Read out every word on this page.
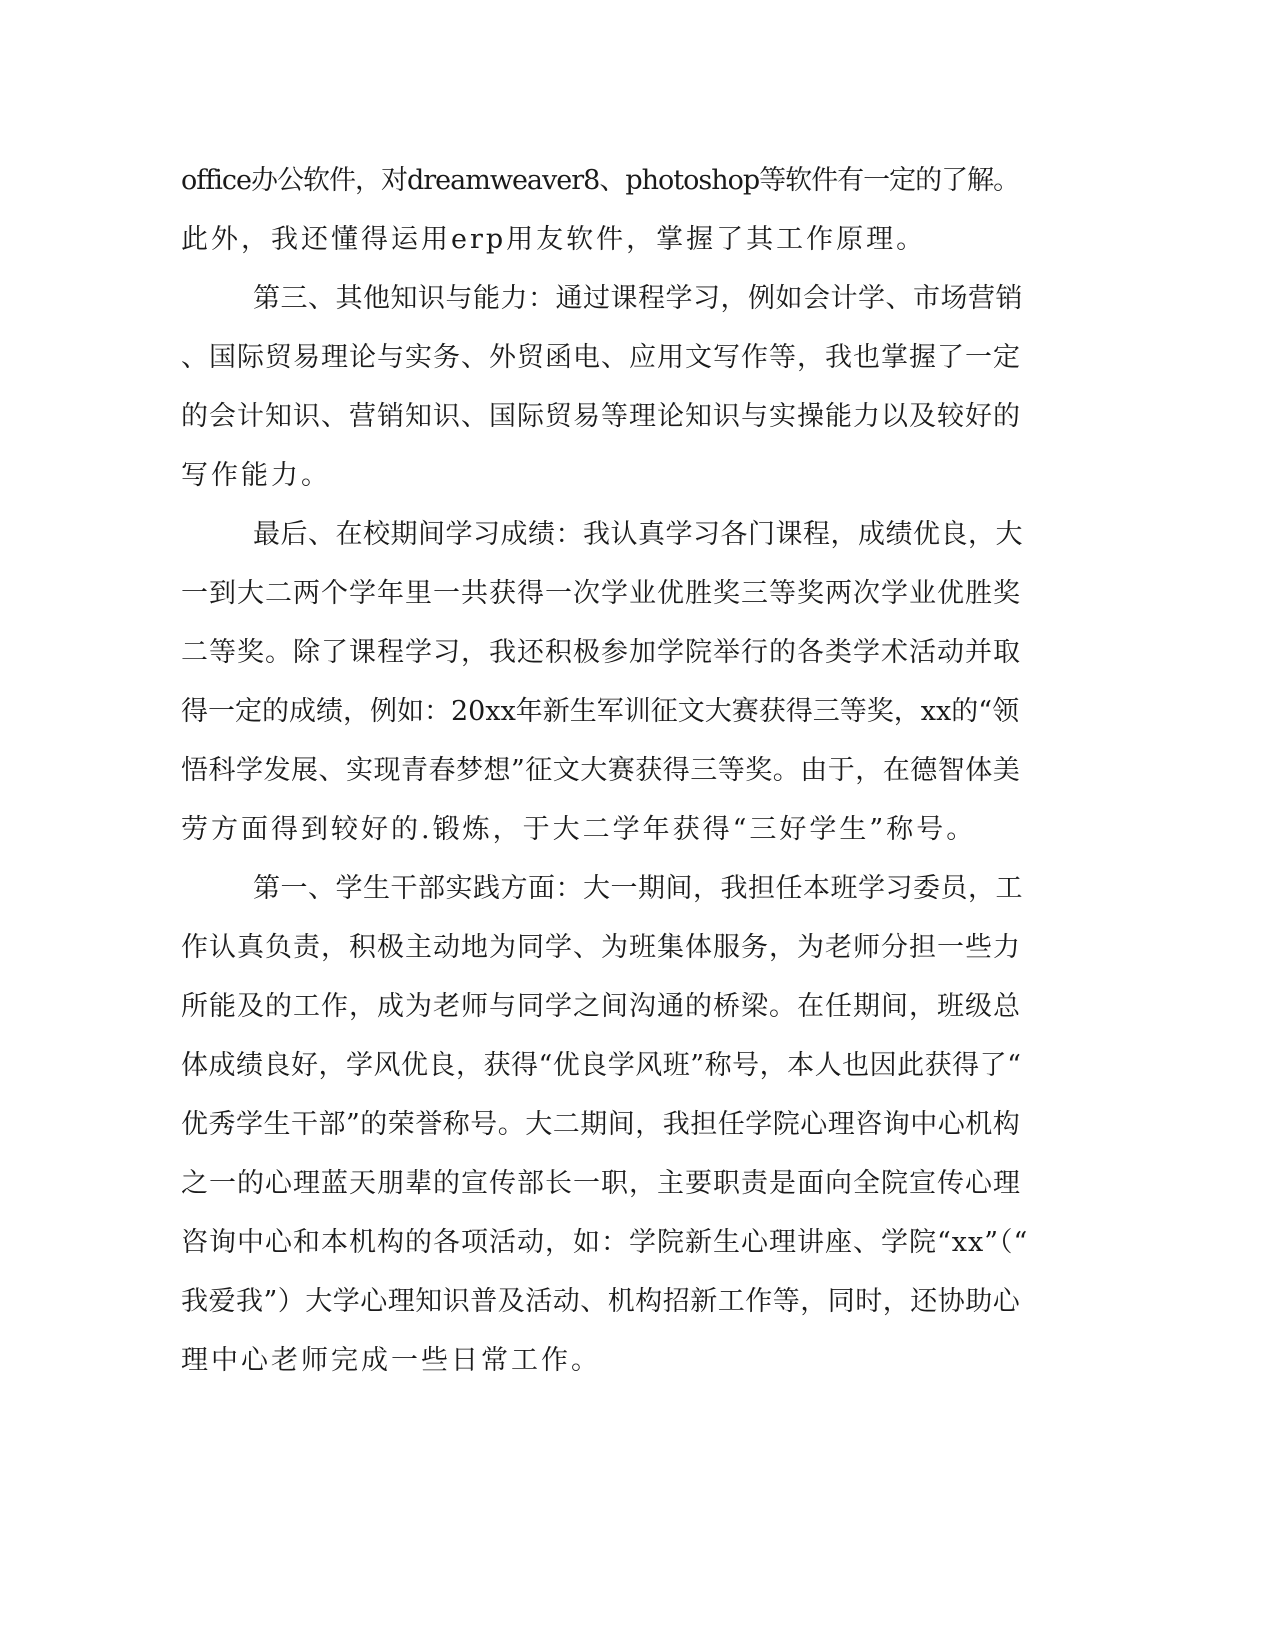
office办公软件，对dreamweaver8、photoshop等软件有一定的了解。
此外，我还懂得运用erp用友软件，掌握了其工作原理。
第三、其他知识与能力：通过课程学习，例如会计学、市场营销
、国际贸易理论与实务、外贸函电、应用文写作等，我也掌握了一定
的会计知识、营销知识、国际贸易等理论知识与实操能力以及较好的
写作能力。
最后、在校期间学习成绩：我认真学习各门课程，成绩优良，大
一到大二两个学年里一共获得一次学业优胜奖三等奖两次学业优胜奖
二等奖。除了课程学习，我还积极参加学院举行的各类学术活动并取
得一定的成绩，例如：20xx年新生军训征文大赛获得三等奖，xx的“领
悟科学发展、实现青春梦想”征文大赛获得三等奖。由于，在德智体美
劳方面得到较好的.锻炼，于大二学年获得“三好学生”称号。
第一、学生干部实践方面：大一期间，我担任本班学习委员，工
作认真负责，积极主动地为同学、为班集体服务，为老师分担一些力
所能及的工作，成为老师与同学之间沟通的桥梁。在任期间，班级总
体成绩良好，学风优良，获得“优良学风班”称号，本人也因此获得了“
优秀学生干部”的荣誉称号。大二期间，我担任学院心理咨询中心机构
之一的心理蓝天朋辈的宣传部长一职，主要职责是面向全院宣传心理
咨询中心和本机构的各项活动，如：学院新生心理讲座、学院“xx”（“
我爱我”）大学心理知识普及活动、机构招新工作等，同时，还协助心
理中心老师完成一些日常工作。
